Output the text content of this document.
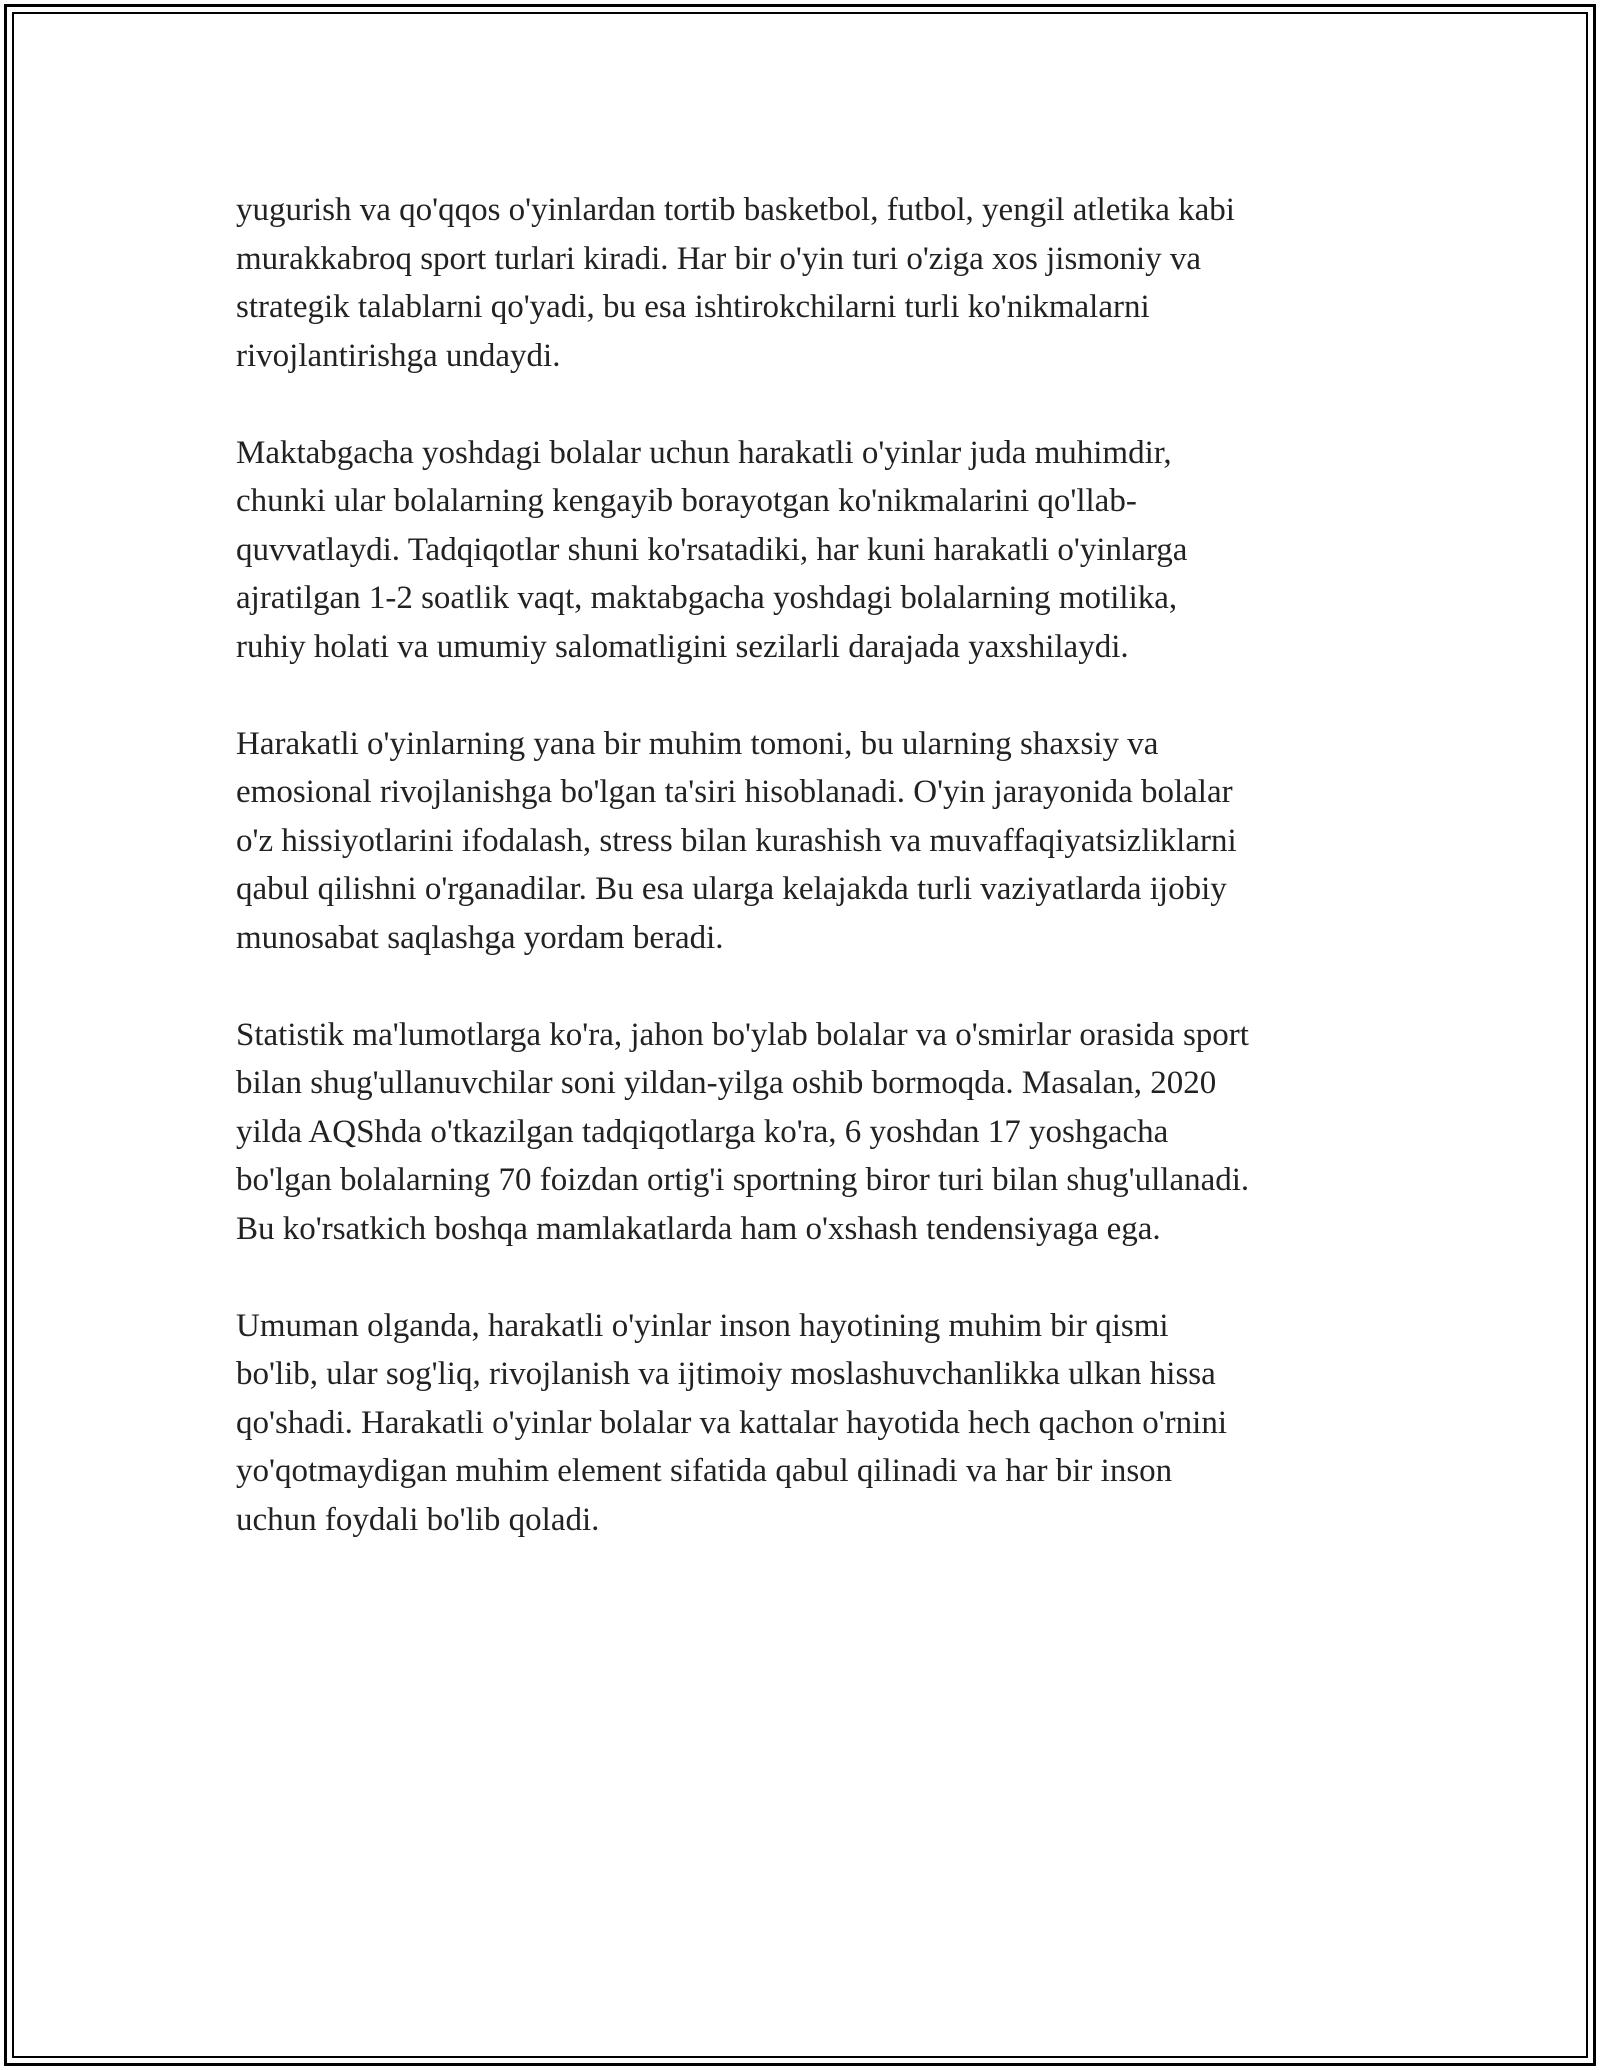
yugurish va qo'qqos o'yinlardan tortib basketbol, futbol, yengil atletika kabi
murakkabroq sport turlari kiradi. Har bir o'yin turi o'ziga xos jismoniy va
strategik talablarni qo'yadi, bu esa ishtirokchilarni turli ko'nikmalarni
rivojlantirishga undaydi.

Maktabgacha yoshdagi bolalar uchun harakatli o'yinlar juda muhimdir,
chunki ular bolalarning kengayib borayotgan ko'nikmalarini qo'llab-
quvvatlaydi. Tadqiqotlar shuni ko'rsatadiki, har kuni harakatli o'yinlarga
ajratilgan 1-2 soatlik vaqt, maktabgacha yoshdagi bolalarning motilika,
ruhiy holati va umumiy salomatligini sezilarli darajada yaxshilaydi.

Harakatli o'yinlarning yana bir muhim tomoni, bu ularning shaxsiy va
emosional rivojlanishga bo'lgan ta'siri hisoblanadi. O'yin jarayonida bolalar
o'z hissiyotlarini ifodalash, stress bilan kurashish va muvaffaqiyatsizliklarni
qabul qilishni o'rganadilar. Bu esa ularga kelajakda turli vaziyatlarda ijobiy
munosabat saqlashga yordam beradi.

Statistik ma'lumotlarga ko'ra, jahon bo'ylab bolalar va o'smirlar orasida sport
bilan shug'ullanuvchilar soni yildan-yilga oshib bormoqda. Masalan, 2020
yilda AQShda o'tkazilgan tadqiqotlarga ko'ra, 6 yoshdan 17 yoshgacha
bo'lgan bolalarning 70 foizdan ortig'i sportning biror turi bilan shug'ullanadi.
Bu ko'rsatkich boshqa mamlakatlarda ham o'xshash tendensiyaga ega.

Umuman olganda, harakatli o'yinlar inson hayotining muhim bir qismi
bo'lib, ular sog'liq, rivojlanish va ijtimoiy moslashuvchanlikka ulkan hissa
qo'shadi. Harakatli o'yinlar bolalar va kattalar hayotida hech qachon o'rnini
yo'qotmaydigan muhim element sifatida qabul qilinadi va har bir inson
uchun foydali bo'lib qoladi.
